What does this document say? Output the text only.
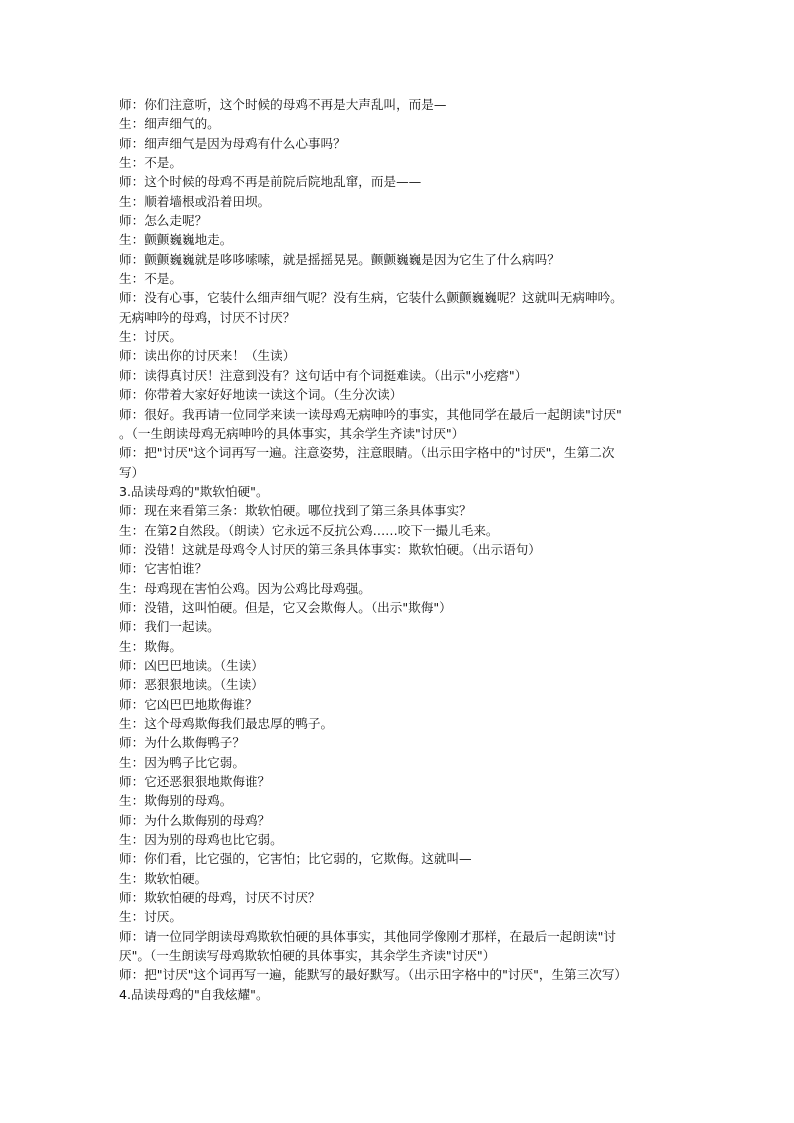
师：你们注意听，这个时候的母鸡不再是大声乱叫，而是—
生：细声细气的。
师：细声细气是因为母鸡有什么心事吗？
生：不是。
师：这个时候的母鸡不再是前院后院地乱窜，而是——
生：顺着墙根或沿着田坝。
师：怎么走呢？
生：颤颤巍巍地走。
师：颤颤巍巍就是哆哆嗦嗦，就是摇摇晃晃。颤颤巍巍是因为它生了什么病吗？
生：不是。
师：没有心事，它装什么细声细气呢？没有生病，它装什么颤颤巍巍呢？这就叫无病呻吟。
无病呻吟的母鸡，讨厌不讨厌？
生：讨厌。
师：读出你的讨厌来！（生读）
师：读得真讨厌！注意到没有？这句话中有个词挺难读。（出示"小疙瘩"）
师：你带着大家好好地读一读这个词。（生分次读）
师：很好。我再请一位同学来读一读母鸡无病呻吟的事实，其他同学在最后一起朗读"讨厌"
。（一生朗读母鸡无病呻吟的具体事实，其余学生齐读"讨厌"）
师：把"讨厌"这个词再写一遍。注意姿势，注意眼睛。（出示田字格中的"讨厌"，生第二次
写）
3.品读母鸡的"欺软怕硬"。
师：现在来看第三条：欺软怕硬。哪位找到了第三条具体事实？
生：在第2自然段。（朗读）它永远不反抗公鸡……咬下一撮儿毛来。
师：没错！这就是母鸡令人讨厌的第三条具体事实：欺软怕硬。（出示语句）
师：它害怕谁？
生：母鸡现在害怕公鸡。因为公鸡比母鸡强。
师：没错，这叫怕硬。但是，它又会欺侮人。（出示"欺侮"）
师：我们一起读。
生：欺侮。
师：凶巴巴地读。（生读）
师：恶狠狠地读。（生读）
师：它凶巴巴地欺侮谁？
生：这个母鸡欺侮我们最忠厚的鸭子。
师：为什么欺侮鸭子？
生：因为鸭子比它弱。
师：它还恶狠狠地欺侮谁？
生：欺侮别的母鸡。
师：为什么欺侮别的母鸡？
生：因为别的母鸡也比它弱。
师：你们看，比它强的，它害怕；比它弱的，它欺侮。这就叫—
生：欺软怕硬。
师：欺软怕硬的母鸡，讨厌不讨厌？
生：讨厌。
师：请一位同学朗读母鸡欺软怕硬的具体事实，其他同学像刚才那样，在最后一起朗读"讨
厌"。（一生朗读写母鸡欺软怕硬的具体事实，其余学生齐读"讨厌"）
师：把"讨厌"这个词再写一遍，能默写的最好默写。（出示田字格中的"讨厌"，生第三次写）
4.品读母鸡的"自我炫耀"。
